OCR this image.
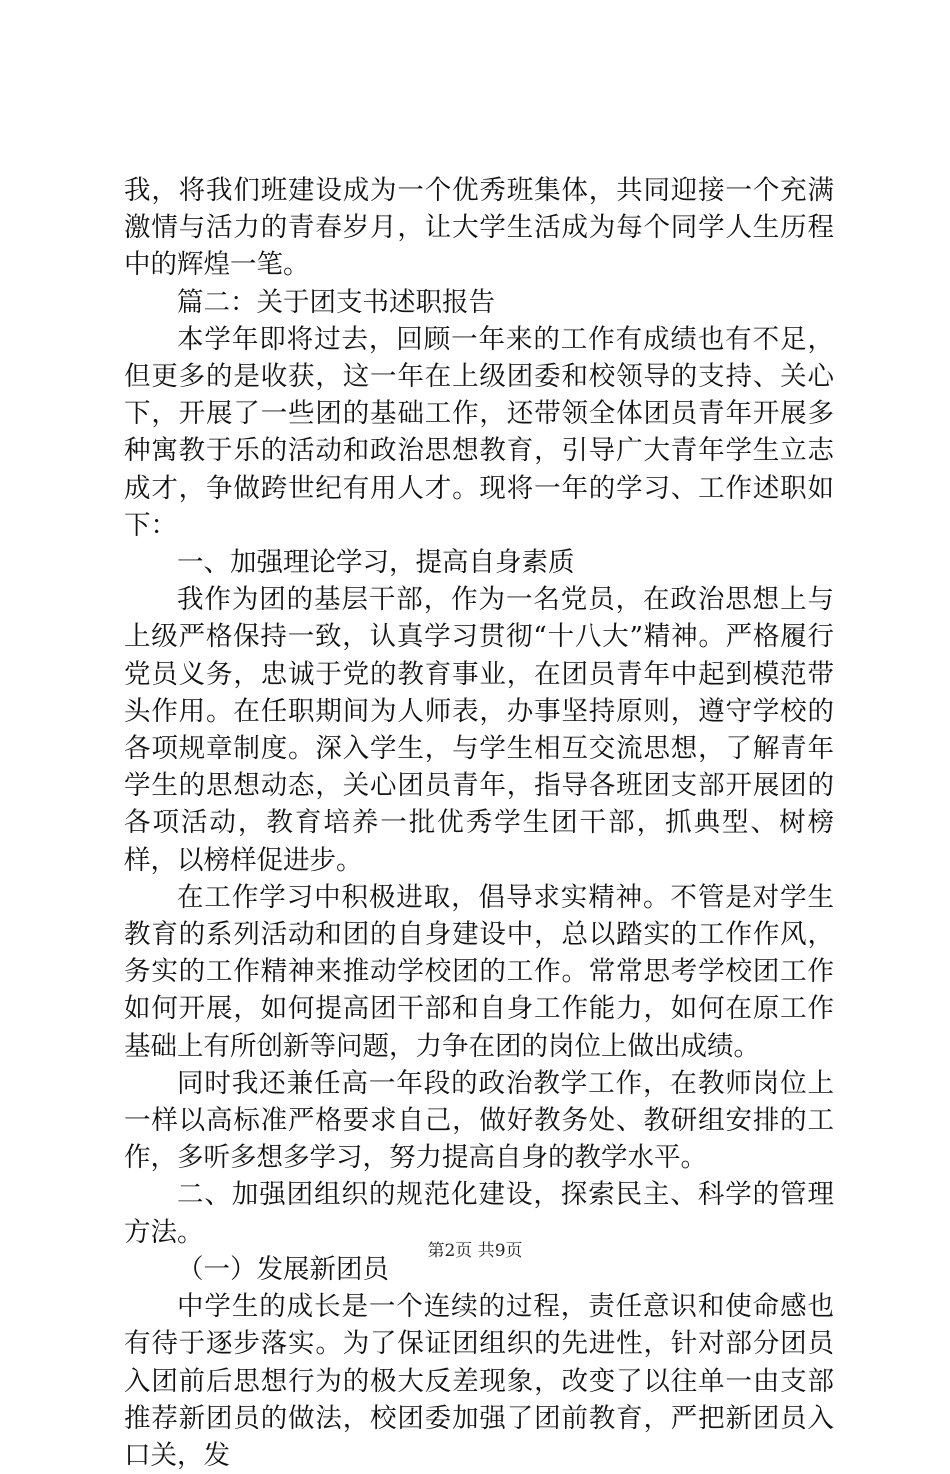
我，将我们班建设成为一个优秀班集体，共同迎接一个充满激情与活力的青春岁月，让大学生活成为每个同学人生历程中的辉煌一笔。

篇二：关于团支书述职报告

本学年即将过去，回顾一年来的工作有成绩也有不足，但更多的是收获，这一年在上级团委和校领导的支持、关心下，开展了一些团的基础工作，还带领全体团员青年开展多种寓教于乐的活动和政治思想教育，引导广大青年学生立志成才，争做跨世纪有用人才。现将一年的学习、工作述职如下：

一、加强理论学习，提高自身素质

我作为团的基层干部，作为一名党员，在政治思想上与上级严格保持一致，认真学习贯彻“十八大”精神。严格履行党员义务，忠诚于党的教育事业，在团员青年中起到模范带头作用。在任职期间为人师表，办事坚持原则，遵守学校的各项规章制度。深入学生，与学生相互交流思想，了解青年学生的思想动态，关心团员青年，指导各班团支部开展团的各项活动，教育培养一批优秀学生团干部，抓典型、树榜样，以榜样促进步。

在工作学习中积极进取，倡导求实精神。不管是对学生教育的系列活动和团的自身建设中，总以踏实的工作作风，务实的工作精神来推动学校团的工作。常常思考学校团工作如何开展，如何提高团干部和自身工作能力，如何在原工作基础上有所创新等问题，力争在团的岗位上做出成绩。

同时我还兼任高一年段的政治教学工作，在教师岗位上一样以高标准严格要求自己，做好教务处、教研组安排的工作，多听多想多学习，努力提高自身的教学水平。

二、加强团组织的规范化建设，探索民主、科学的管理方法。

（一）发展新团员

中学生的成长是一个连续的过程，责任意识和使命感也有待于逐步落实。为了保证团组织的先进性，针对部分团员入团前后思想行为的极大反差现象，改变了以往单一由支部推荐新团员的做法，校团委加强了团前教育，严把新团员入口关，发

第2页 共9页
